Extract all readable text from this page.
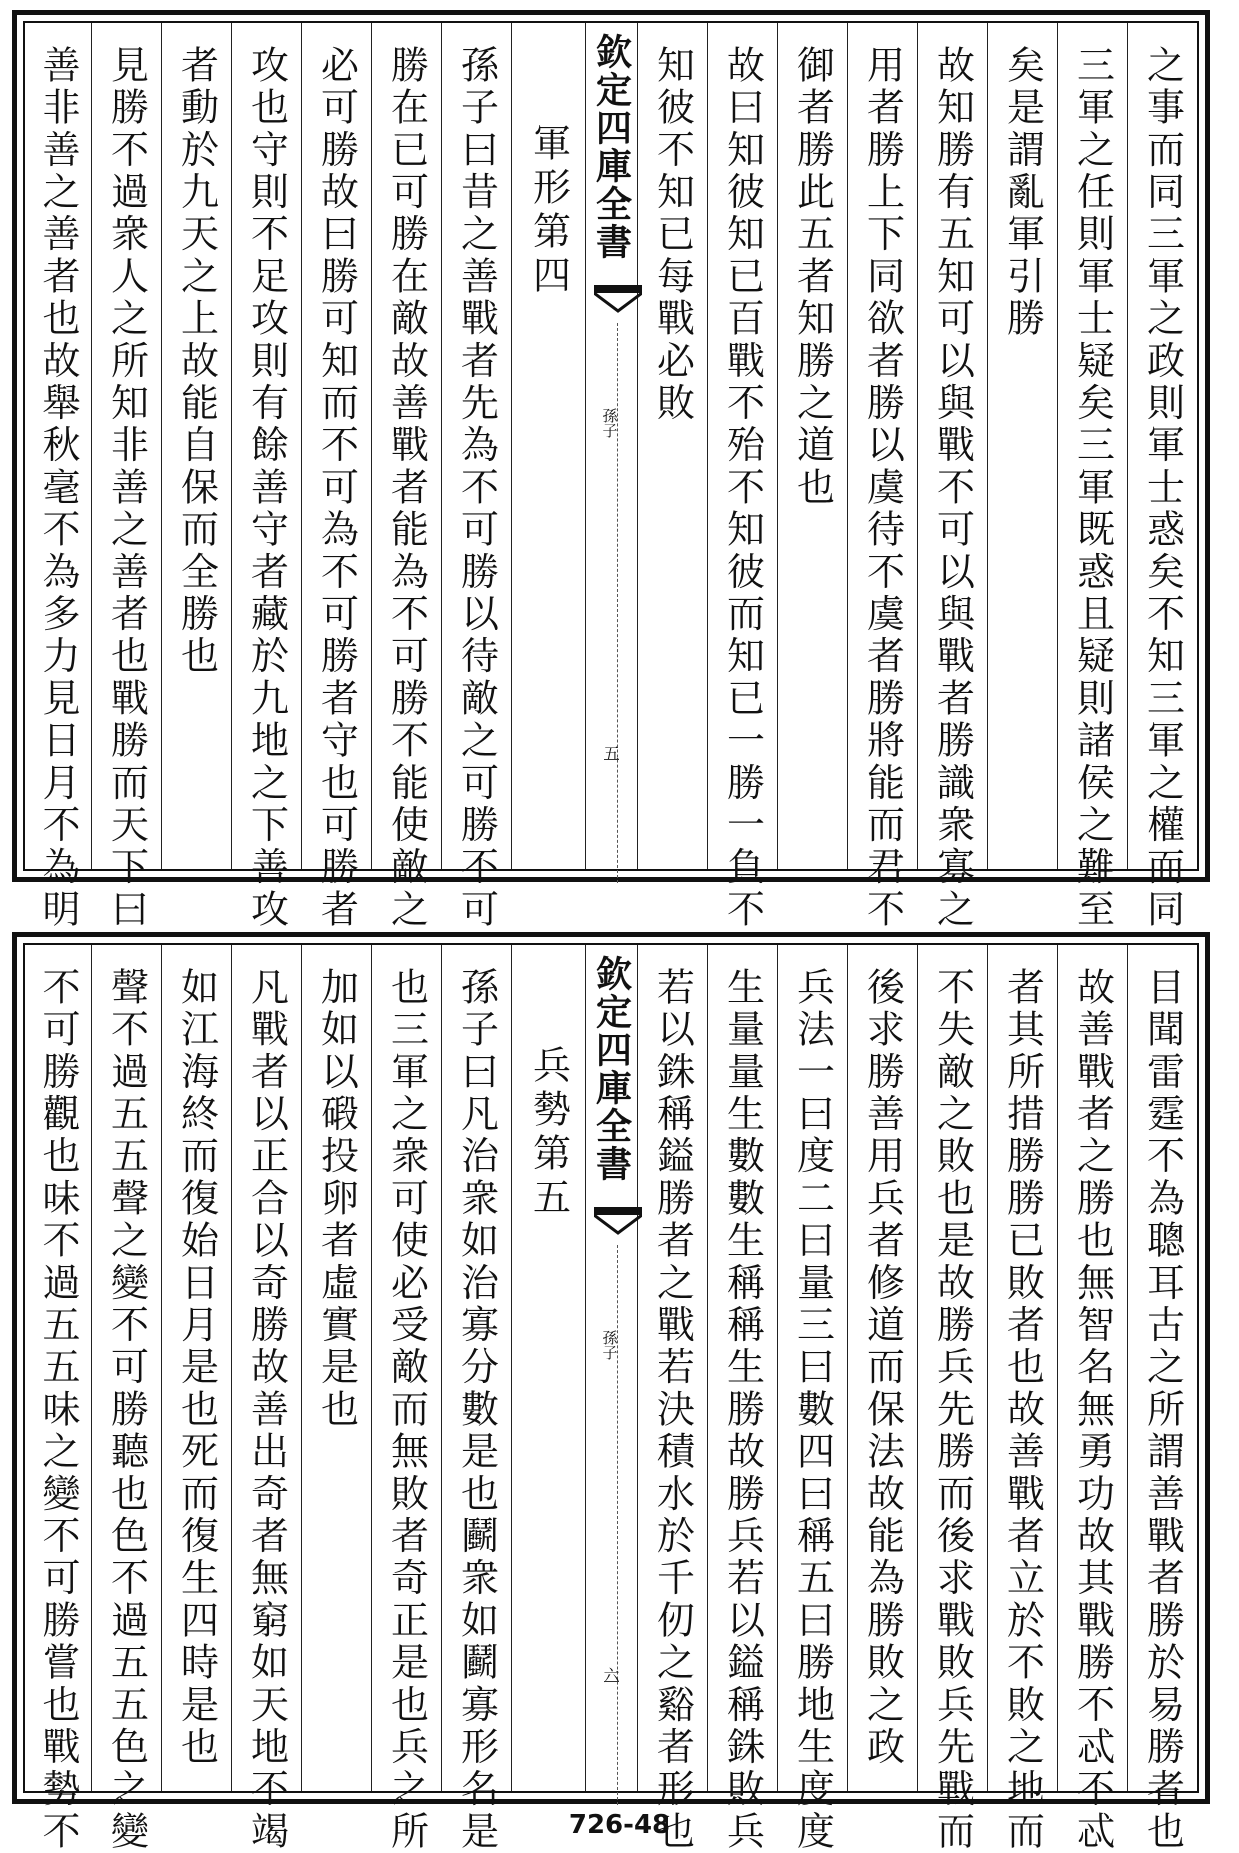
之事而同三軍之政則軍士惑矣不知三軍之權而同
三軍之任則軍士疑矣三軍既惑且疑則諸侯之難至
矣是謂亂軍引勝
故知勝有五知可以與戰不可以與戰者勝識衆寡之
用者勝上下同欲者勝以虞待不虞者勝將能而君不
御者勝此五者知勝之道也
故曰知彼知已百戰不殆不知彼而知已一勝一負不
知彼不知已每戰必敗
欽定四庫全書
孫子
五
軍形第四
孫子曰昔之善戰者先為不可勝以待敵之可勝不可
勝在已可勝在敵故善戰者能為不可勝不能使敵之
必可勝故曰勝可知而不可為不可勝者守也可勝者
攻也守則不足攻則有餘善守者藏於九地之下善攻
者動於九天之上故能自保而全勝也
見勝不過衆人之所知非善之善者也戰勝而天下曰
善非善之善者也故舉秋毫不為多力見日月不為明
目聞雷霆不為聰耳古之所謂善戰者勝於易勝者也
故善戰者之勝也無智名無勇功故其戰勝不忒不忒
者其所措勝勝已敗者也故善戰者立於不敗之地而
不失敵之敗也是故勝兵先勝而後求戰敗兵先戰而
後求勝善用兵者修道而保法故能為勝敗之政
兵法一曰度二曰量三曰數四曰稱五曰勝地生度度
生量量生數數生稱稱生勝故勝兵若以鎰稱銖敗兵
若以銖稱鎰勝者之戰若決積水於千仞之谿者形也
欽定四庫全書
孫子
六
兵勢第五
孫子曰凡治衆如治寡分數是也鬬衆如鬬寡形名是
也三軍之衆可使必受敵而無敗者奇正是也兵之所
加如以碫投卵者虛實是也
凡戰者以正合以奇勝故善出奇者無窮如天地不竭
如江海終而復始日月是也死而復生四時是也
聲不過五五聲之變不可勝聽也色不過五五色之變
不可勝觀也味不過五五味之變不可勝嘗也戰勢不	726-48
